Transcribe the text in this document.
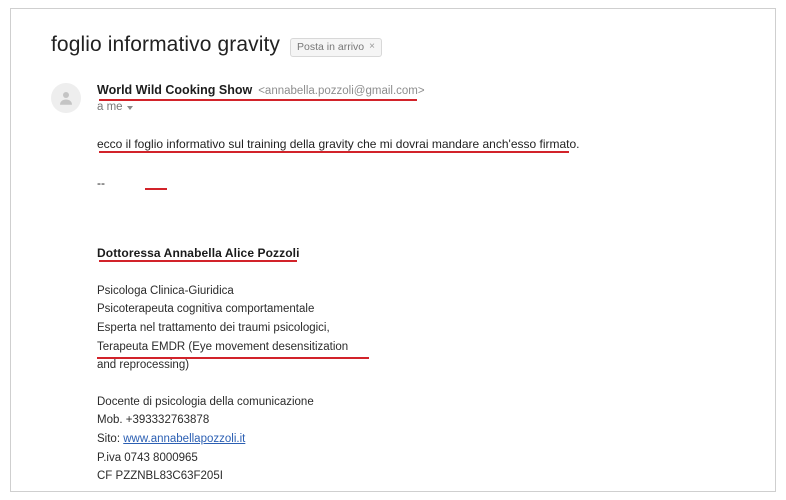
foglio informativo gravity Posta in arrivo ×
World Wild Cooking Show <annabella.pozzoli@gmail.com>
a me
ecco il foglio informativo sul training della gravity che mi dovrai mandare anch'esso firmato.
--
Dottoressa Annabella Alice Pozzoli
Psicologa Clinica-Giuridica
Psicoterapeuta cognitiva comportamentale
Esperta nel trattamento dei traumi psicologici,
Terapeuta EMDR (Eye movement desensitization
and reprocessing)
Docente di psicologia della comunicazione
Mob. +393332763878
Sito: www.annabellapozzoli.it
P.iva 0743 8000965
CF PZZNBL83C63F205I
